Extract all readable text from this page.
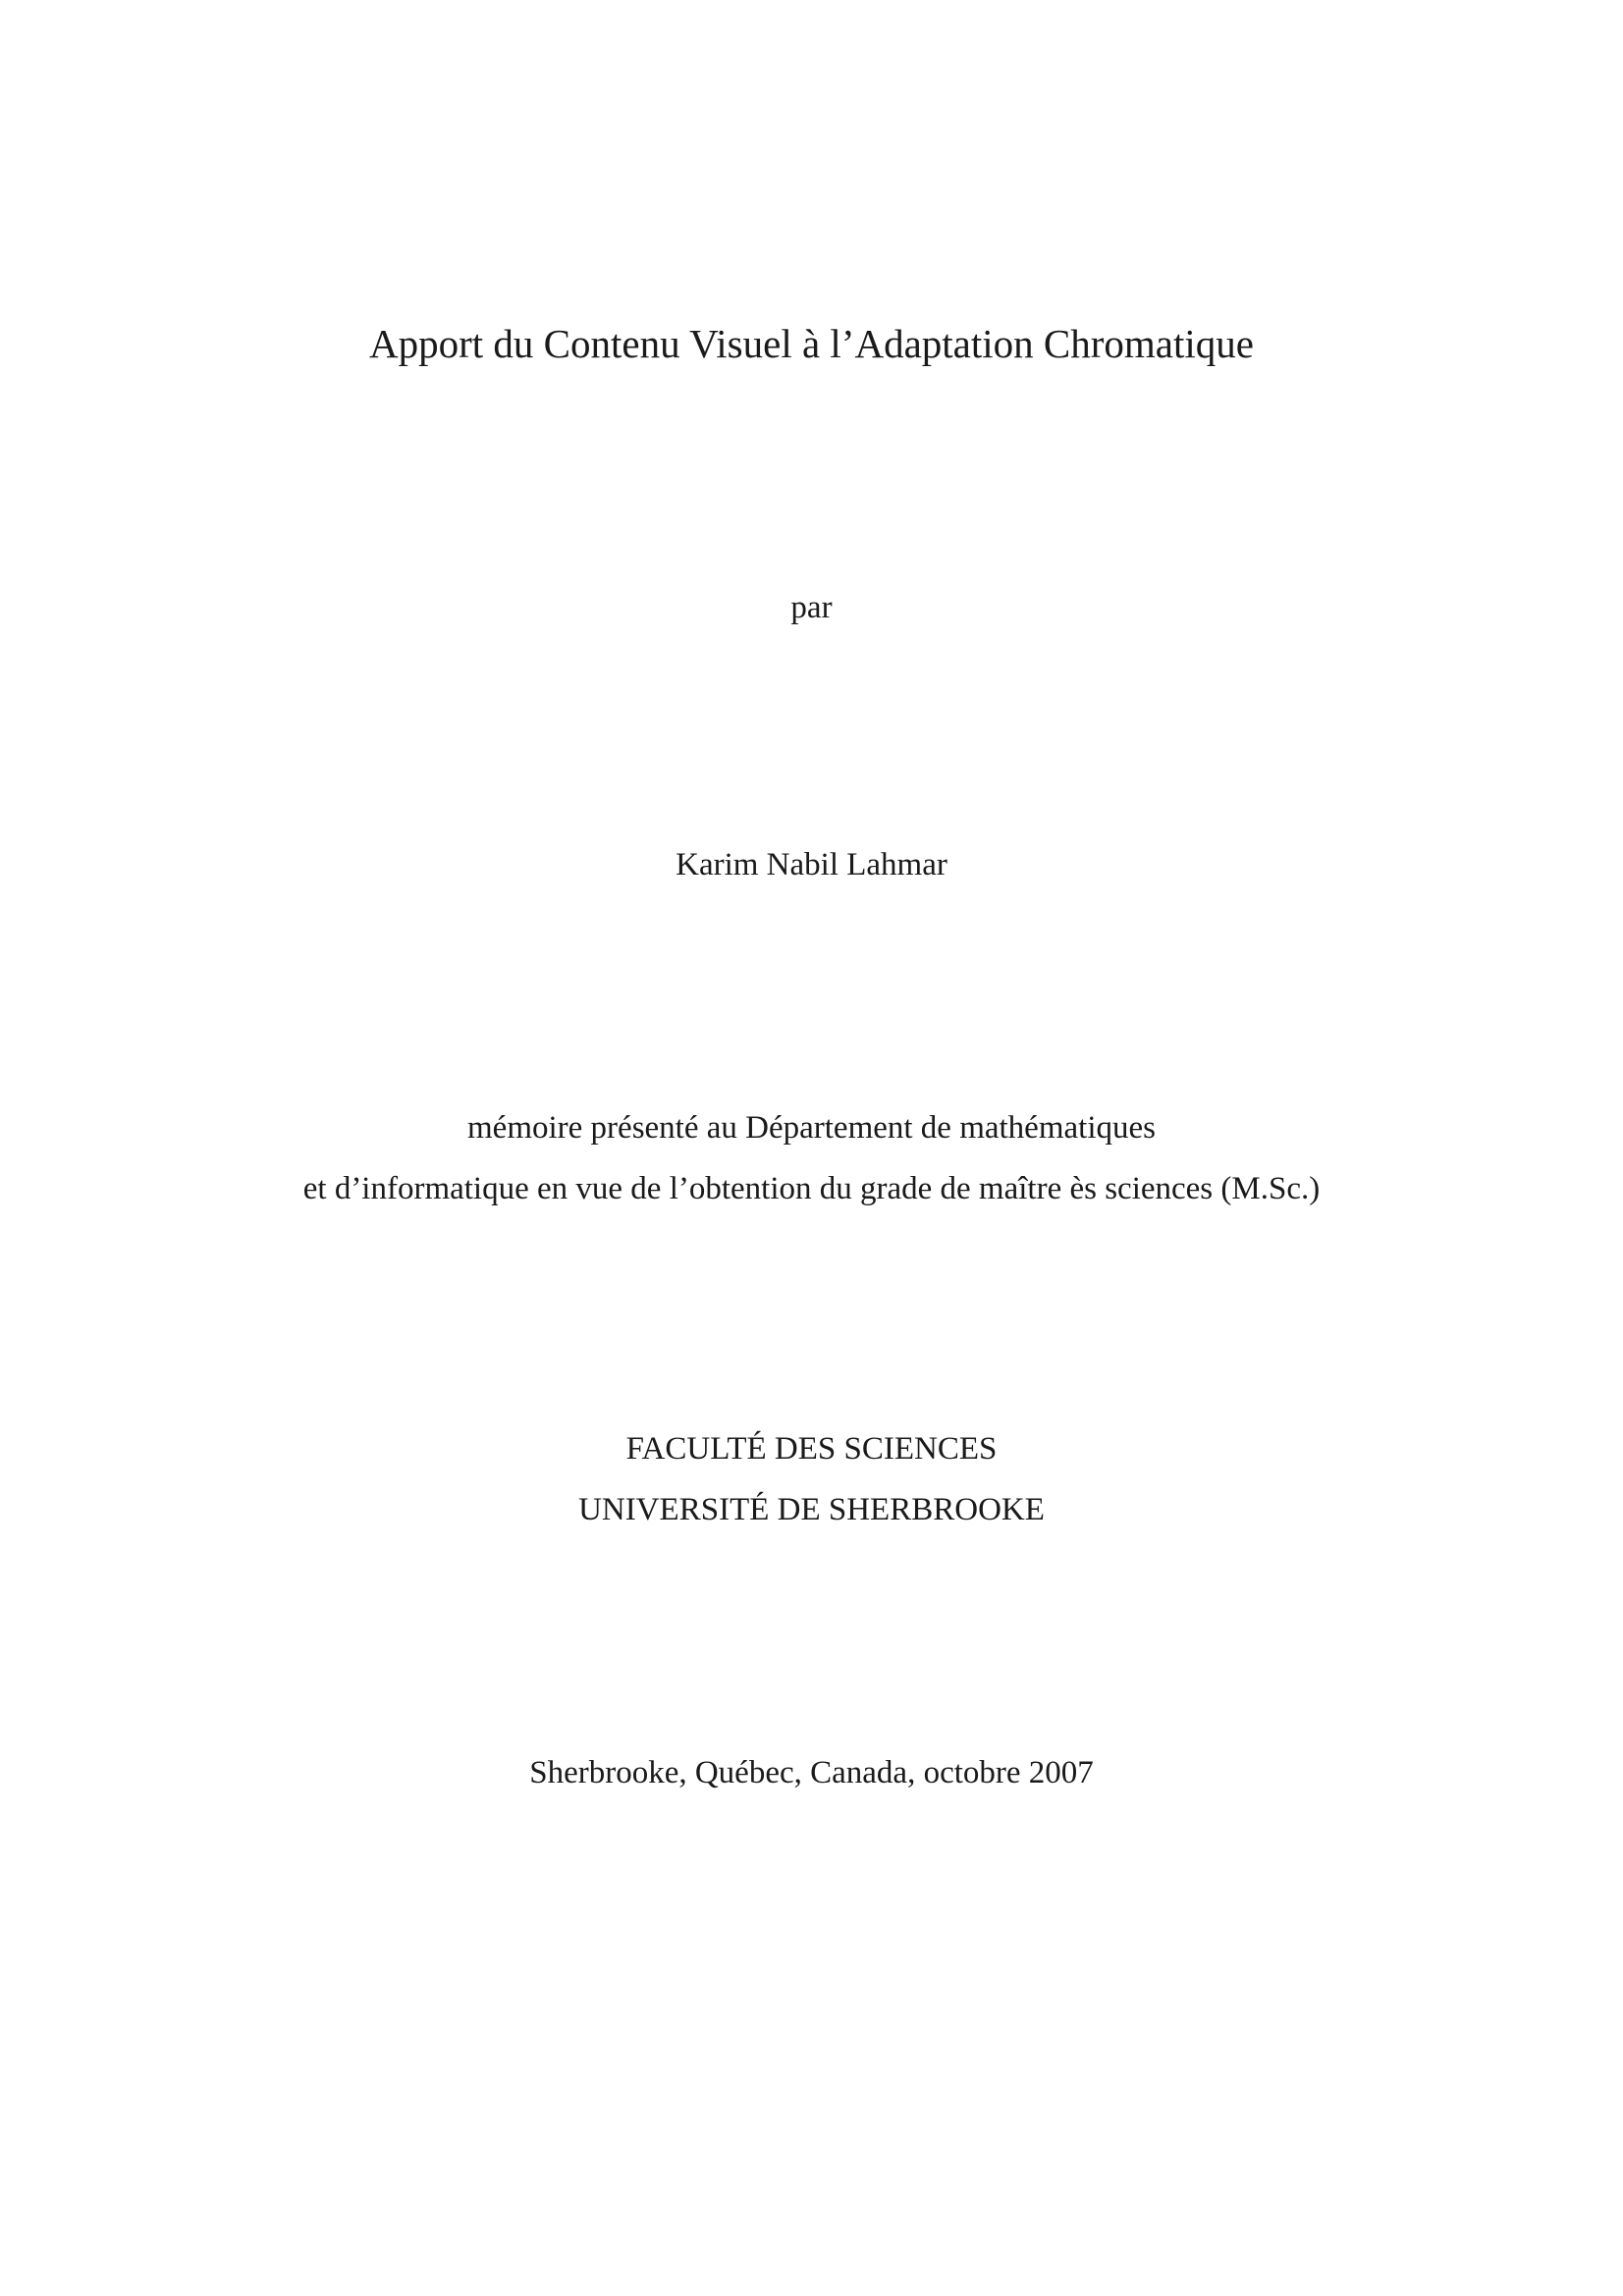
Apport du Contenu Visuel à l’Adaptation Chromatique
par
Karim Nabil Lahmar
mémoire présenté au Département de mathématiques
et d’informatique en vue de l’obtention du grade de maître ès sciences (M.Sc.)
FACULTÉ DES SCIENCES
UNIVERSITÉ DE SHERBROOKE
Sherbrooke, Québec, Canada, octobre 2007
